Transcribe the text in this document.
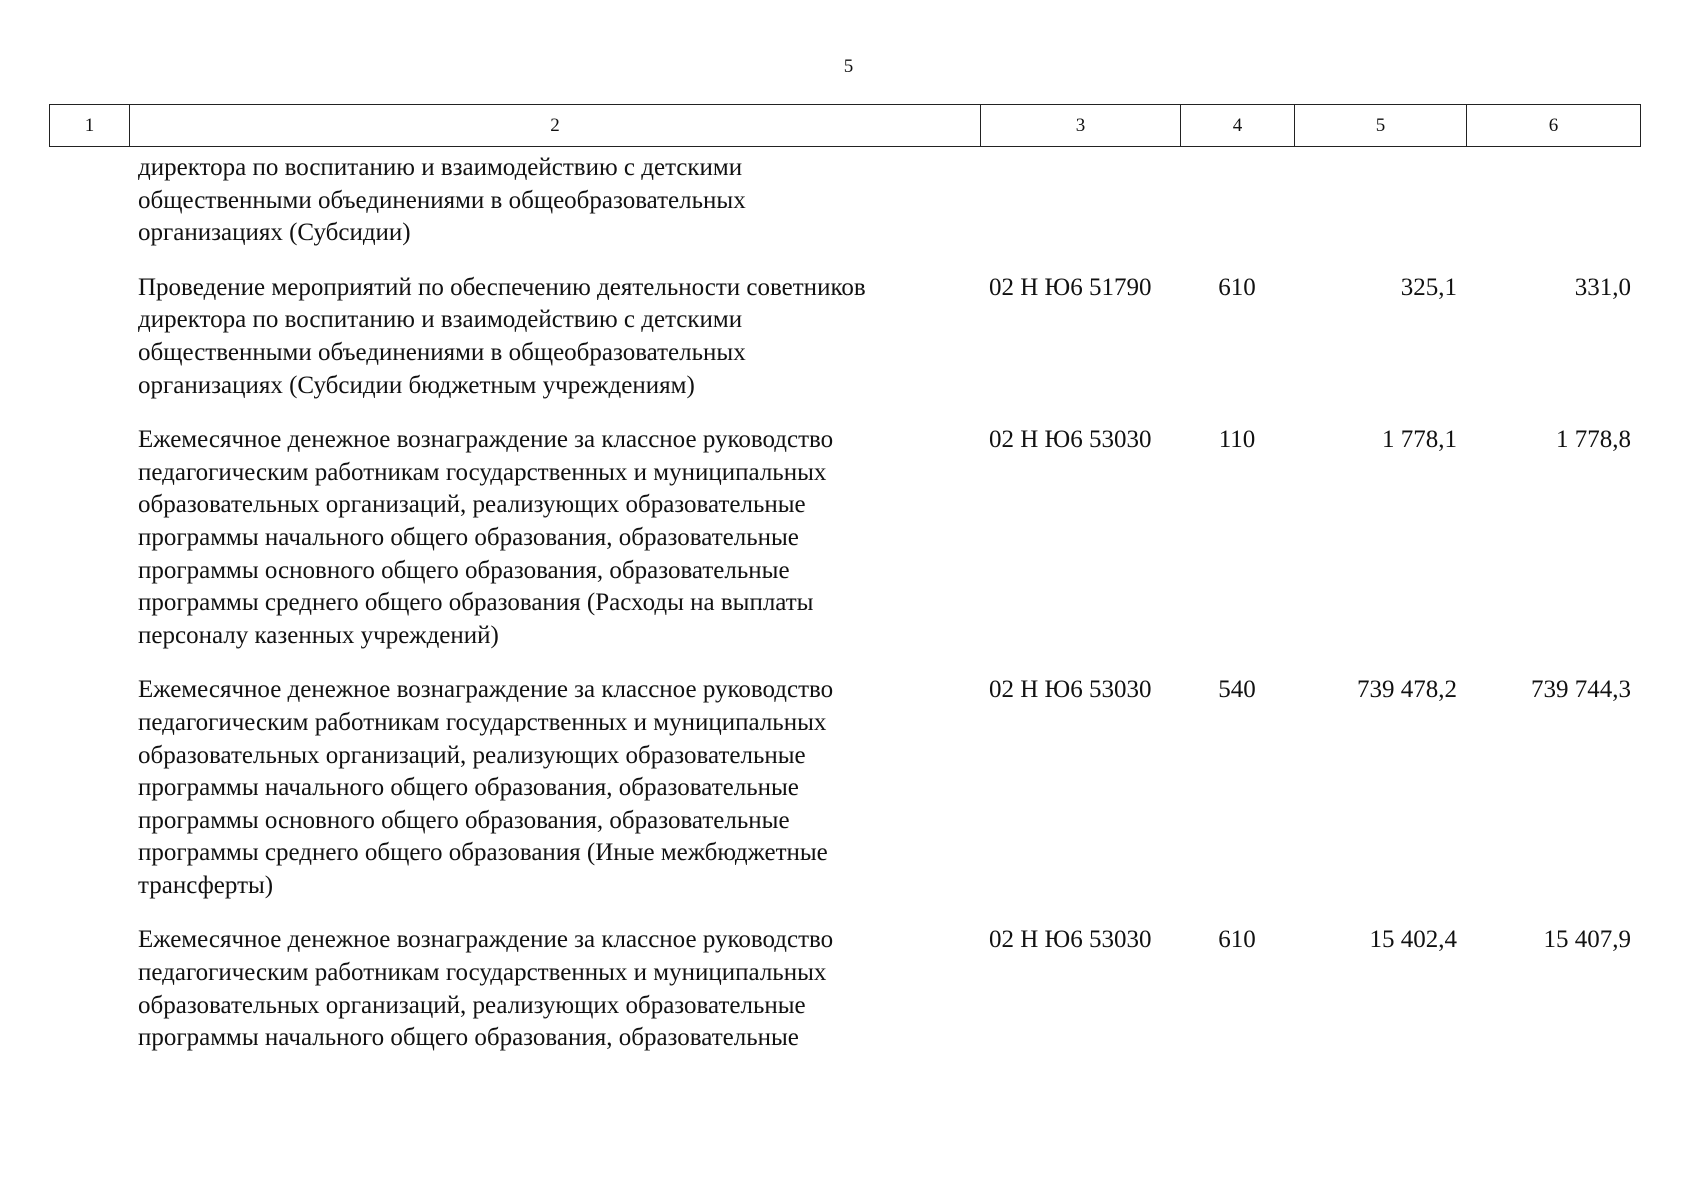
5
1	2	3	4	5	6
директора по воспитанию и взаимодействию с детскими
общественными объединениями в общеобразовательных
организациях (Субсидии)
Проведение мероприятий по обеспечению деятельности советников
директора по воспитанию и взаимодействию с детскими
общественными объединениями в общеобразовательных
организациях (Субсидии бюджетным учреждениям)
02 Н Ю6 51790	610	325,1	331,0
Ежемесячное денежное вознаграждение за классное руководство
педагогическим работникам государственных и муниципальных
образовательных организаций, реализующих образовательные
программы начального общего образования, образовательные
программы основного общего образования, образовательные
программы среднего общего образования (Расходы на выплаты
персоналу казенных учреждений)
02 Н Ю6 53030	110	1 778,1	1 778,8
Ежемесячное денежное вознаграждение за классное руководство
педагогическим работникам государственных и муниципальных
образовательных организаций, реализующих образовательные
программы начального общего образования, образовательные
программы основного общего образования, образовательные
программы среднего общего образования (Иные межбюджетные
трансферты)
02 Н Ю6 53030	540	739 478,2	739 744,3
Ежемесячное денежное вознаграждение за классное руководство
педагогическим работникам государственных и муниципальных
образовательных организаций, реализующих образовательные
программы начального общего образования, образовательные
02 Н Ю6 53030	610	15 402,4	15 407,9
